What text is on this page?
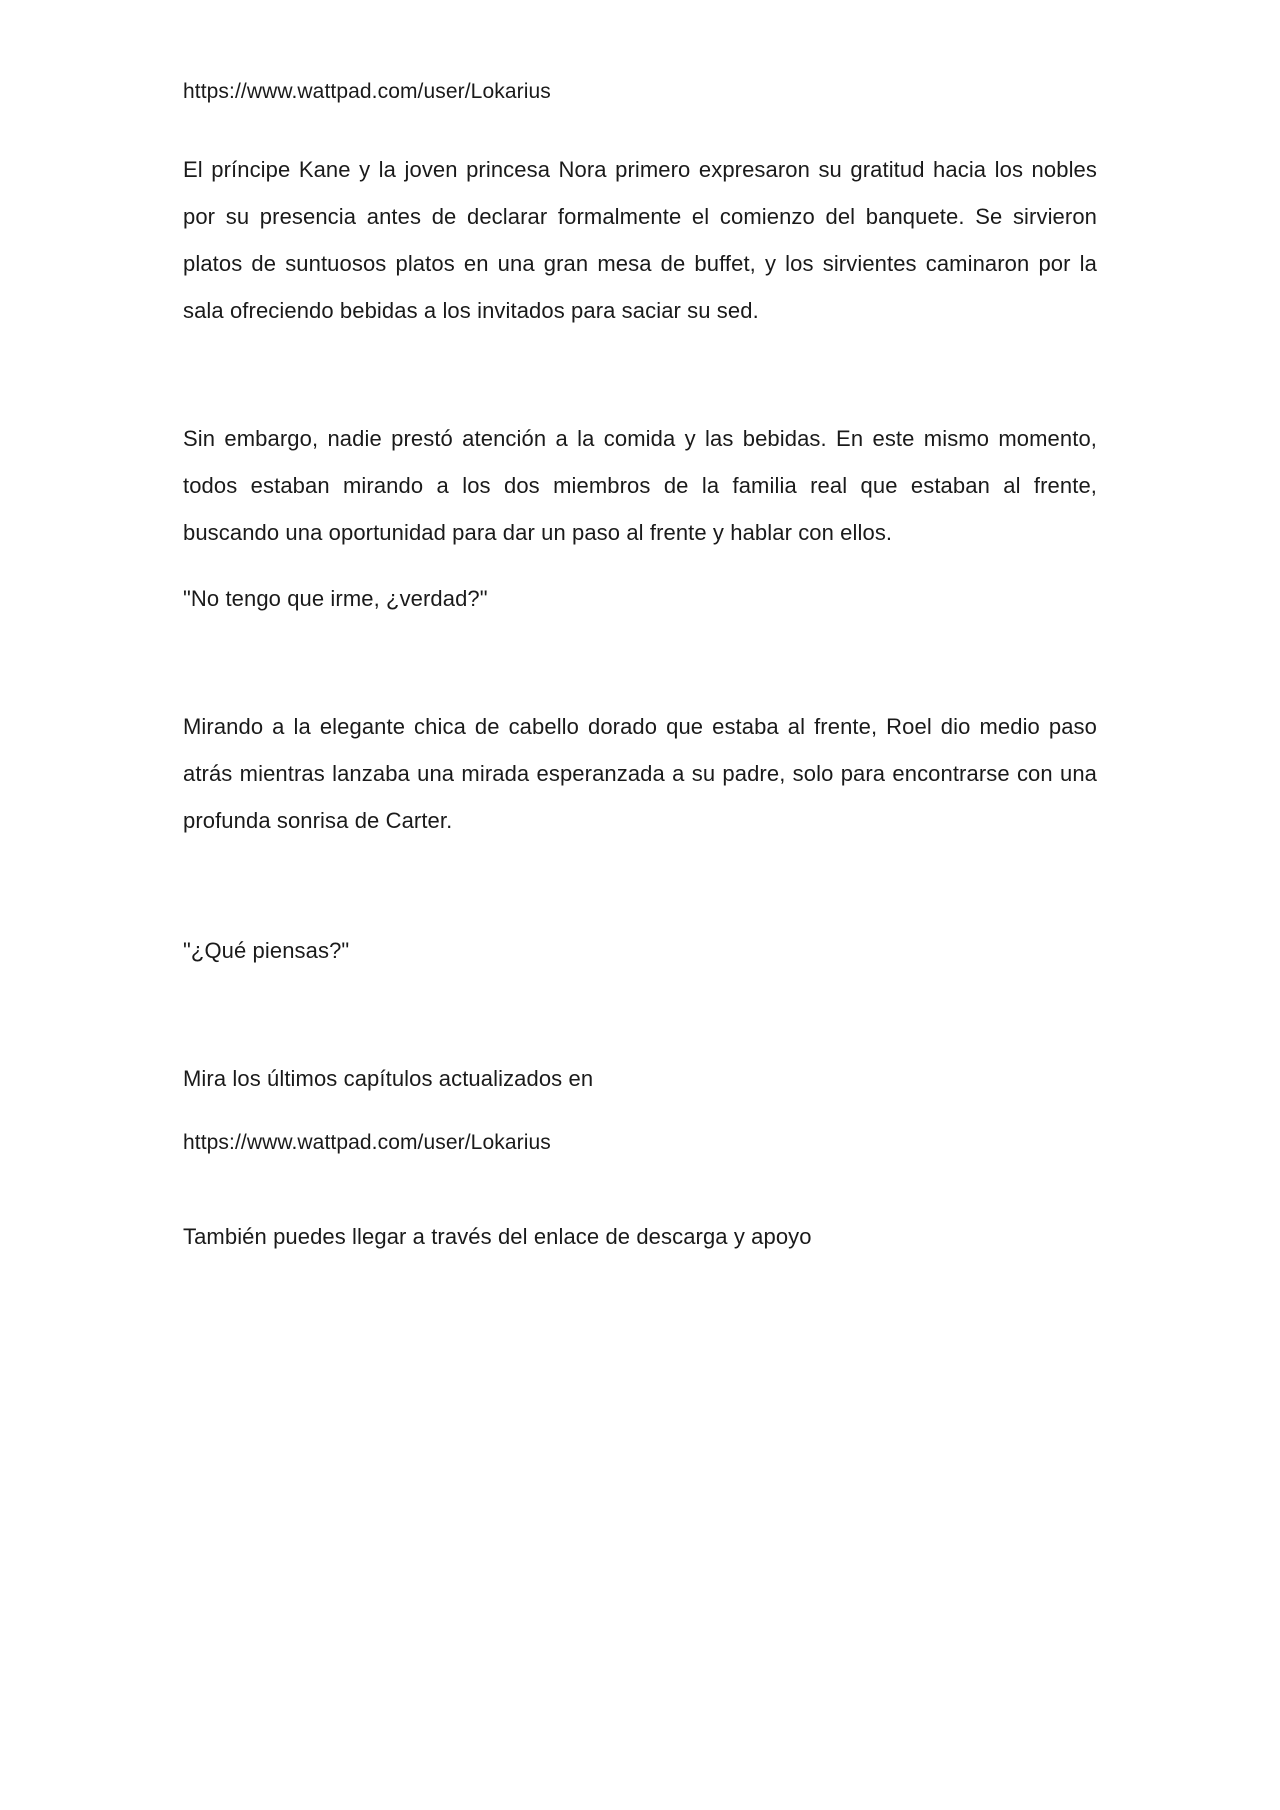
https://www.wattpad.com/user/Lokarius

El príncipe Kane y la joven princesa Nora primero expresaron su gratitud hacia los nobles por su presencia antes de declarar formalmente el comienzo del banquete. Se sirvieron platos de suntuosos platos en una gran mesa de buffet, y los sirvientes caminaron por la sala ofreciendo bebidas a los invitados para saciar su sed.

Sin embargo, nadie prestó atención a la comida y las bebidas. En este mismo momento, todos estaban mirando a los dos miembros de la familia real que estaban al frente, buscando una oportunidad para dar un paso al frente y hablar con ellos.

"No tengo que irme, ¿verdad?"

Mirando a la elegante chica de cabello dorado que estaba al frente, Roel dio medio paso atrás mientras lanzaba una mirada esperanzada a su padre, solo para encontrarse con una profunda sonrisa de Carter.

"¿Qué piensas?"

Mira los últimos capítulos actualizados en

https://www.wattpad.com/user/Lokarius

También puedes llegar a través del enlace de descarga y apoyo
